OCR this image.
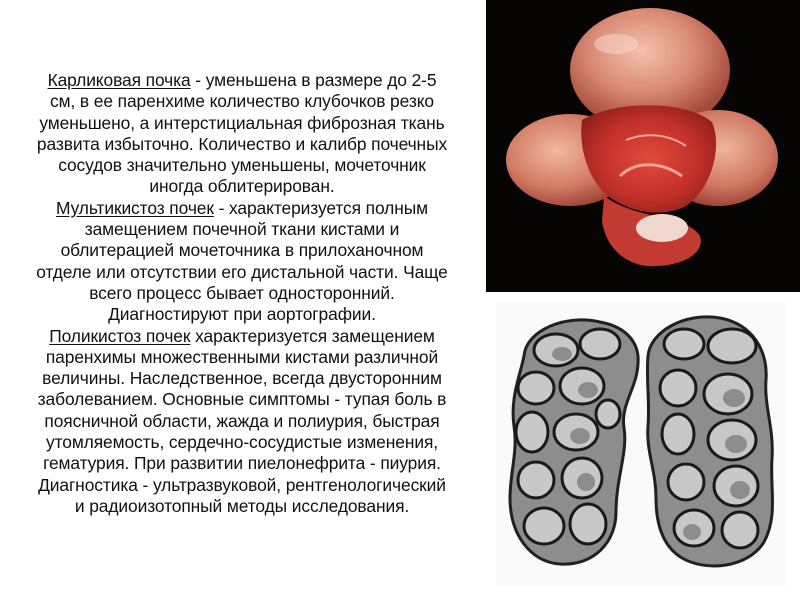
Карликовая почка - уменьшена в размере до 2-5
см, в ее паренхиме количество клубочков резко
уменьшено, а интерстициальная фиброзная ткань
развита избыточно. Количество и калибр почечных
сосудов значительно уменьшены, мочеточник
иногда облитерирован.

Мультикистоз почек - характеризуется полным
замещением почечной ткани кистами и
облитерацией мочеточника в прилоханочном
отделе или отсутствии его дистальной части. Чаще
всего процесс бывает односторонний.
Диагностируют при аортографии.

Поликистоз почек характеризуется замещением
паренхимы множественными кистами различной
величины. Наследственное, всегда двусторонним
заболеванием. Основные симптомы - тупая боль в
поясничной области, жажда и полиурия, быстрая
утомляемость, сердечно-сосудистые изменения,
гематурия. При развитии пиелонефрита - пиурия.
Диагностика - ультразвуковой, рентгенологический
и радиоизотопный методы исследования.
